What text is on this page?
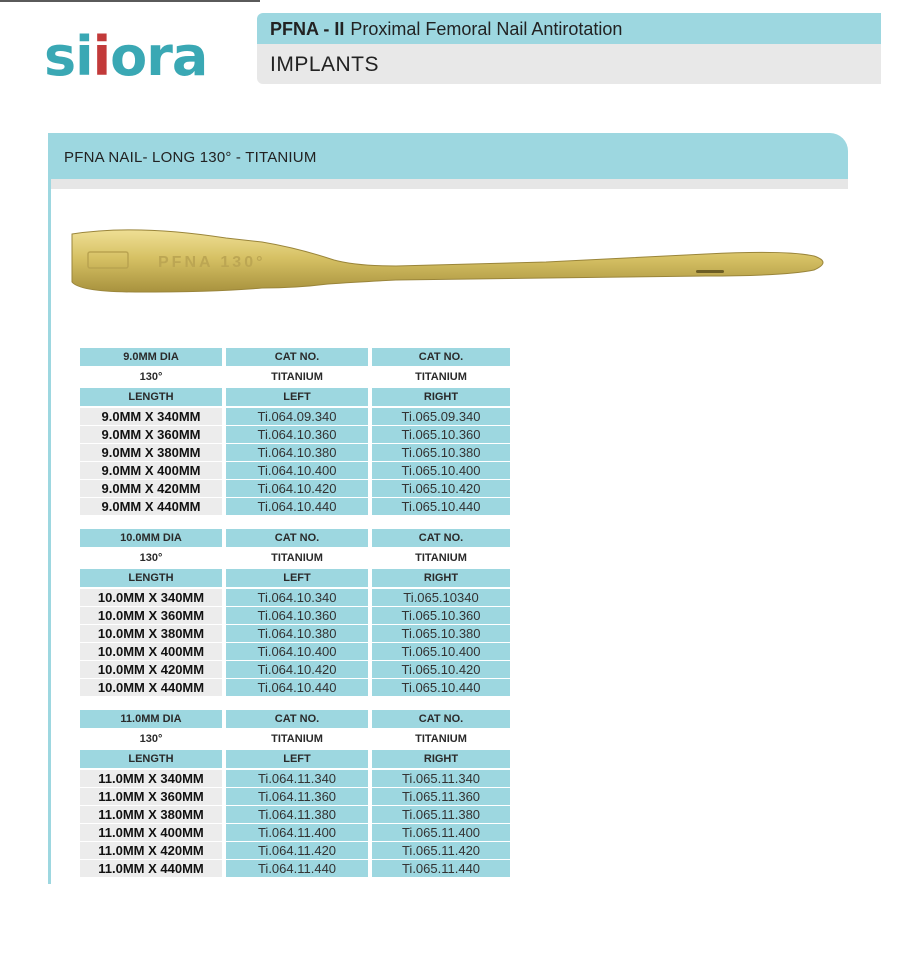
siiora	PFNA - II Proximal Femoral Nail Antirotation
IMPLANTS
PFNA NAIL- LONG 130° - TITANIUM
PFNA 130°
9.0MM DIA	CAT NO.	CAT NO.
130°	TITANIUM	TITANIUM
LENGTH	LEFT	RIGHT
9.0MM X 340MM	Ti.064.09.340	Ti.065.09.340
9.0MM X 360MM	Ti.064.10.360	Ti.065.10.360
9.0MM X 380MM	Ti.064.10.380	Ti.065.10.380
9.0MM X 400MM	Ti.064.10.400	Ti.065.10.400
9.0MM X 420MM	Ti.064.10.420	Ti.065.10.420
9.0MM X 440MM	Ti.064.10.440	Ti.065.10.440
10.0MM DIA	CAT NO.	CAT NO.
130°	TITANIUM	TITANIUM
LENGTH	LEFT	RIGHT
10.0MM X 340MM	Ti.064.10.340	Ti.065.10340
10.0MM X 360MM	Ti.064.10.360	Ti.065.10.360
10.0MM X 380MM	Ti.064.10.380	Ti.065.10.380
10.0MM X 400MM	Ti.064.10.400	Ti.065.10.400
10.0MM X 420MM	Ti.064.10.420	Ti.065.10.420
10.0MM X 440MM	Ti.064.10.440	Ti.065.10.440
11.0MM DIA	CAT NO.	CAT NO.
130°	TITANIUM	TITANIUM
LENGTH	LEFT	RIGHT
11.0MM X 340MM	Ti.064.11.340	Ti.065.11.340
11.0MM X 360MM	Ti.064.11.360	Ti.065.11.360
11.0MM X 380MM	Ti.064.11.380	Ti.065.11.380
11.0MM X 400MM	Ti.064.11.400	Ti.065.11.400
11.0MM X 420MM	Ti.064.11.420	Ti.065.11.420
11.0MM X 440MM	Ti.064.11.440	Ti.065.11.440
